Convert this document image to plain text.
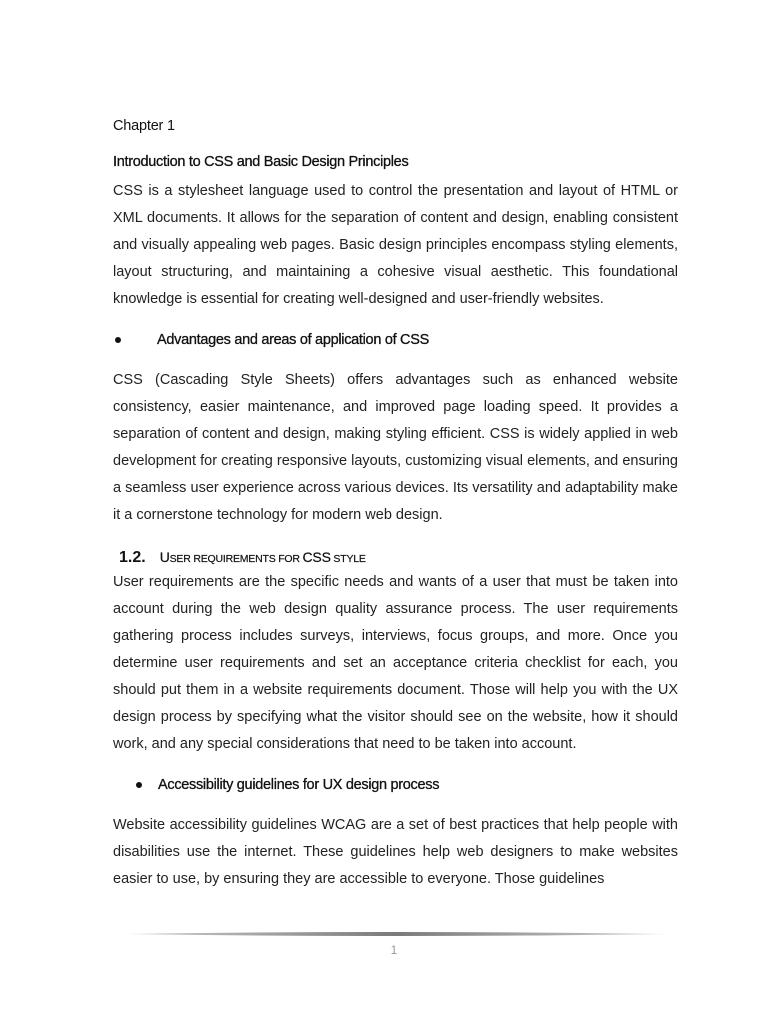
Chapter 1
Introduction to CSS and Basic Design Principles

CSS is a stylesheet language used to control the presentation and layout of HTML or XML documents. It allows for the separation of content and design, enabling consistent and visually appealing web pages. Basic design principles encompass styling elements, layout structuring, and maintaining a cohesive visual aesthetic. This foundational knowledge is essential for creating well-designed and user-friendly websites.

Advantages and areas of application of CSS

CSS (Cascading Style Sheets) offers advantages such as enhanced website consistency, easier maintenance, and improved page loading speed. It provides a separation of content and design, making styling efficient. CSS is widely applied in web development for creating responsive layouts, customizing visual elements, and ensuring a seamless user experience across various devices. Its versatility and adaptability make it a cornerstone technology for modern web design.

1.2. USER REQUIREMENTS FOR CSS STYLE

User requirements are the specific needs and wants of a user that must be taken into account during the web design quality assurance process. The user requirements gathering process includes surveys, interviews, focus groups, and more. Once you determine user requirements and set an acceptance criteria checklist for each, you should put them in a website requirements document. Those will help you with the UX design process by specifying what the visitor should see on the website, how it should work, and any special considerations that need to be taken into account.

Accessibility guidelines for UX design process

Website accessibility guidelines WCAG are a set of best practices that help people with disabilities use the internet. These guidelines help web designers to make websites easier to use, by ensuring they are accessible to everyone. Those guidelines

1
